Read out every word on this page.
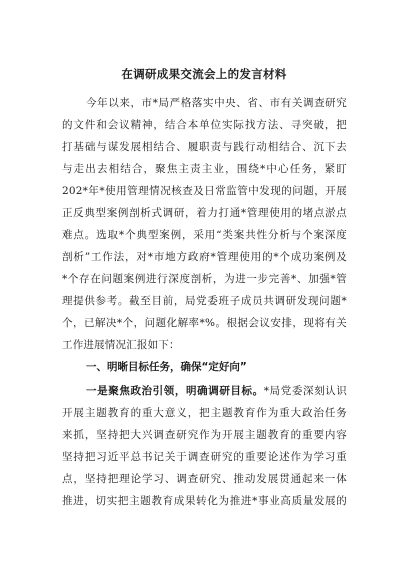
在调研成果交流会上的发言材料
今年以来，市*局严格落实中央、省、市有关调查研究
的文件和会议精神，结合本单位实际找方法、寻突破，把
打基础与谋发展相结合、履职责与践行动相结合、沉下去
与走出去相结合，聚焦主责主业，围绕*中心任务，紧盯
202*年*使用管理情况核查及日常监管中发现的问题，开展
正反典型案例剖析式调研，着力打通*管理使用的堵点淤点
难点。选取*个典型案例，采用“类案共性分析与个案深度
剖析”工作法，对*市地方政府*管理使用的*个成功案例及
*个存在问题案例进行深度剖析，为进一步完善*、加强*管
理提供参考。截至目前，局党委班子成员共调研发现问题*
个，已解决*个，问题化解率*%。根据会议安排，现将有关
工作进展情况汇报如下：
一、明晰目标任务，确保“定好向”
一是聚焦政治引领，明确调研目标。*局党委深刻认识
开展主题教育的重大意义，把主题教育作为重大政治任务
来抓，坚持把大兴调查研究作为开展主题教育的重要内容
坚持把习近平总书记关于调查研究的重要论述作为学习重
点，坚持把理论学习、调查研究、推动发展贯通起来一体
推进，切实把主题教育成果转化为推进*事业高质量发展的
